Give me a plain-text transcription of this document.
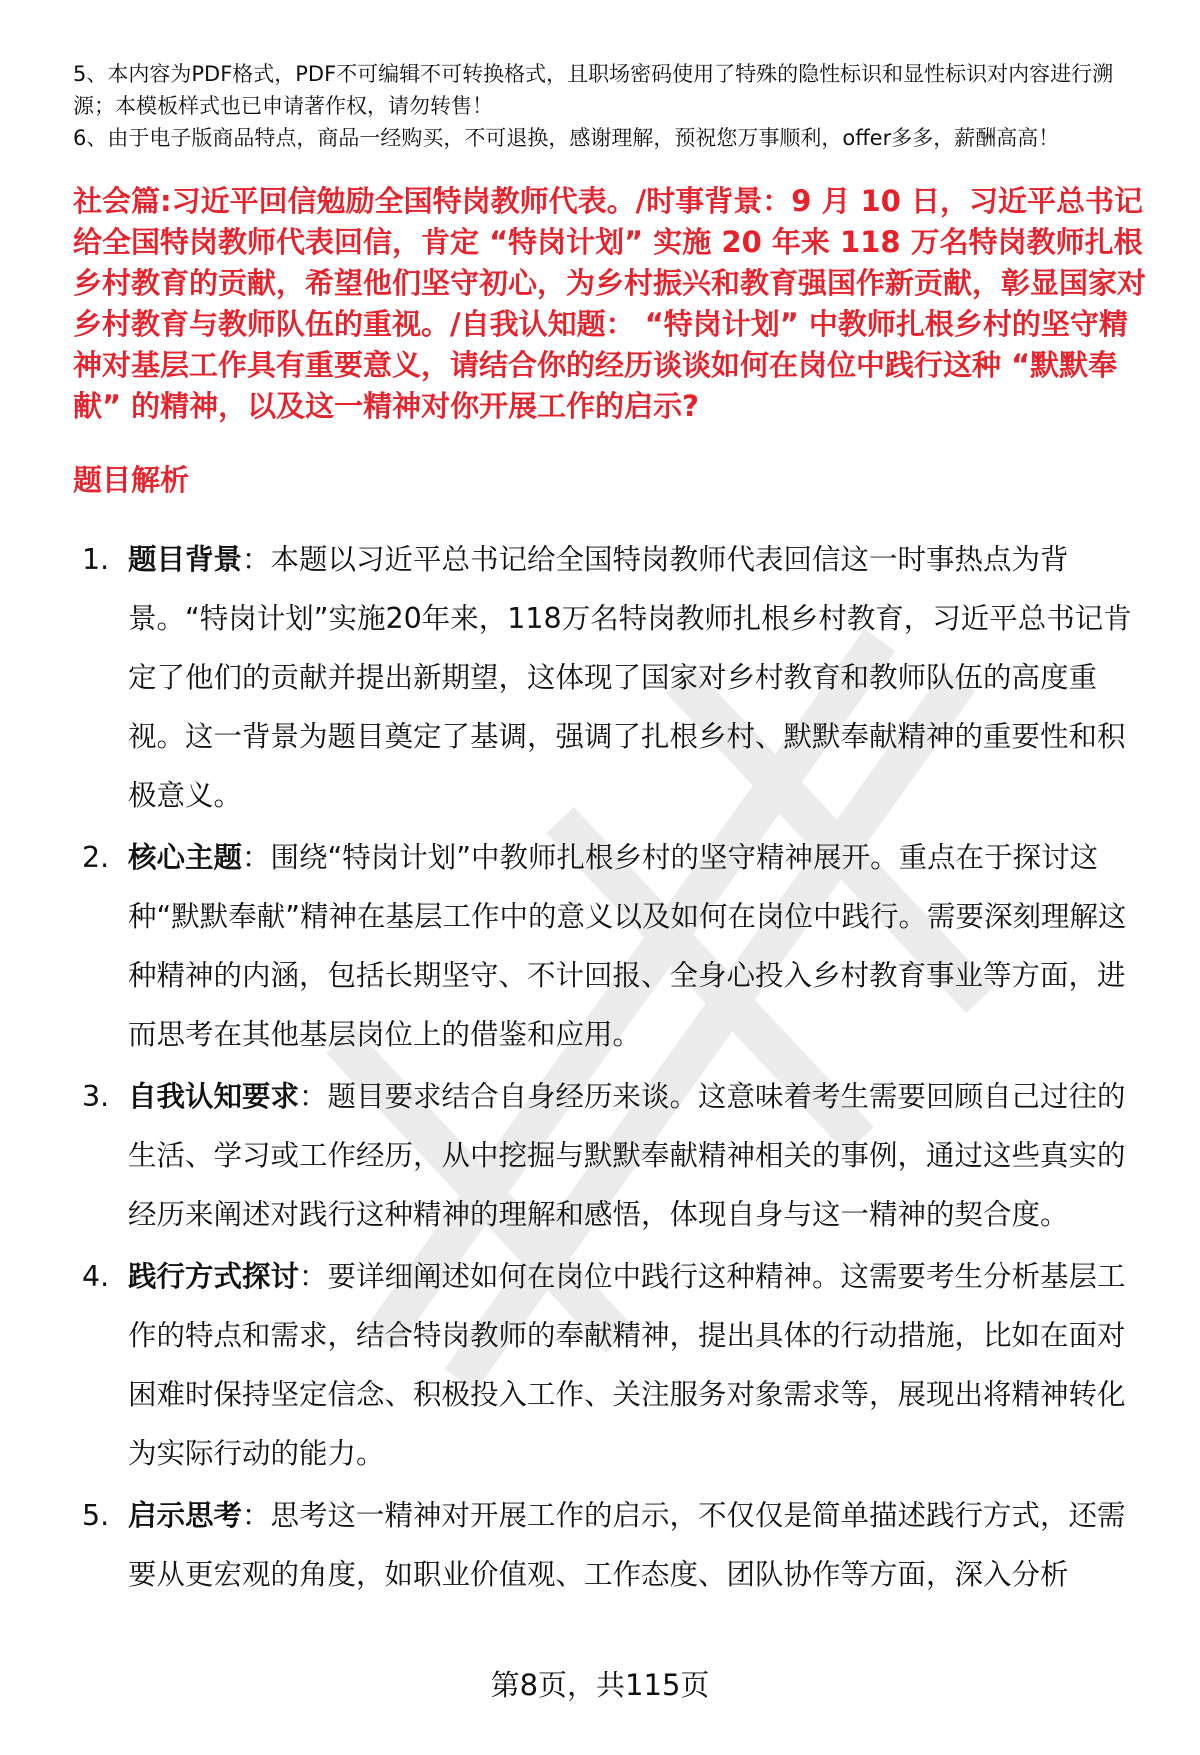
5、本内容为PDF格式，PDF不可编辑不可转换格式，且职场密码使用了特殊的隐性标识和显性标识对内容进行溯源；本模板样式也已申请著作权，请勿转售！

6、由于电子版商品特点，商品一经购买，不可退换，感谢理解，预祝您万事顺利，offer多多，薪酬高高！

社会篇:习近平回信勉励全国特岗教师代表。/时事背景：9 月 10 日，习近平总书记给全国特岗教师代表回信，肯定 “特岗计划” 实施 20 年来 118 万名特岗教师扎根乡村教育的贡献，希望他们坚守初心，为乡村振兴和教育强国作新贡献，彰显国家对乡村教育与教师队伍的重视。/自我认知题： “特岗计划” 中教师扎根乡村的坚守精神对基层工作具有重要意义，请结合你的经历谈谈如何在岗位中践行这种 “默默奉献” 的精神，以及这一精神对你开展工作的启示?

题目解析

1. 题目背景：本题以习近平总书记给全国特岗教师代表回信这一时事热点为背景。“特岗计划”实施20年来，118万名特岗教师扎根乡村教育，习近平总书记肯定了他们的贡献并提出新期望，这体现了国家对乡村教育和教师队伍的高度重视。这一背景为题目奠定了基调，强调了扎根乡村、默默奉献精神的重要性和积极意义。
2. 核心主题：围绕“特岗计划”中教师扎根乡村的坚守精神展开。重点在于探讨这种“默默奉献”精神在基层工作中的意义以及如何在岗位中践行。需要深刻理解这种精神的内涵，包括长期坚守、不计回报、全身心投入乡村教育事业等方面，进而思考在其他基层岗位上的借鉴和应用。
3. 自我认知要求：题目要求结合自身经历来谈。这意味着考生需要回顾自己过往的生活、学习或工作经历，从中挖掘与默默奉献精神相关的事例，通过这些真实的经历来阐述对践行这种精神的理解和感悟，体现自身与这一精神的契合度。
4. 践行方式探讨：要详细阐述如何在岗位中践行这种精神。这需要考生分析基层工作的特点和需求，结合特岗教师的奉献精神，提出具体的行动措施，比如在面对困难时保持坚定信念、积极投入工作、关注服务对象需求等，展现出将精神转化为实际行动的能力。
5. 启示思考：思考这一精神对开展工作的启示，不仅仅是简单描述践行方式，还需要从更宏观的角度，如职业价值观、工作态度、团队协作等方面，深入分析
第8页，共115页
